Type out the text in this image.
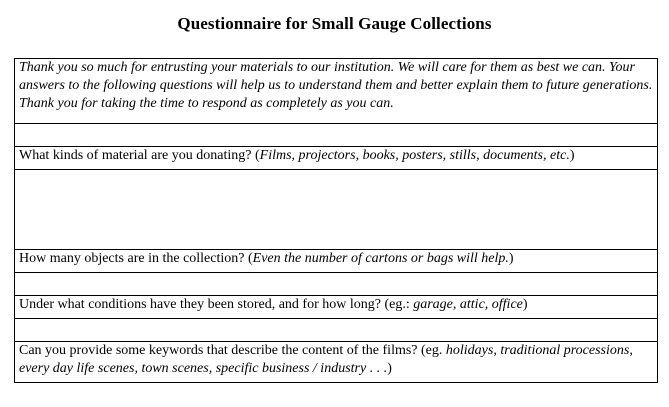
Questionnaire for Small Gauge Collections
Thank you so much for entrusting your materials to our institution. We will care for them as best we can. Your answers to the following questions will help us to understand them and better explain them to future generations. Thank you for taking the time to respond as completely as you can.

What kinds of material are you donating? (Films, projectors, books, posters, stills, documents, etc.)

How many objects are in the collection? (Even the number of cartons or bags will help.)

Under what conditions have they been stored, and for how long? (eg.: garage, attic, office)

Can you provide some keywords that describe the content of the films? (eg. holidays, traditional processions, every day life scenes, town scenes, specific business / industry . . .)
